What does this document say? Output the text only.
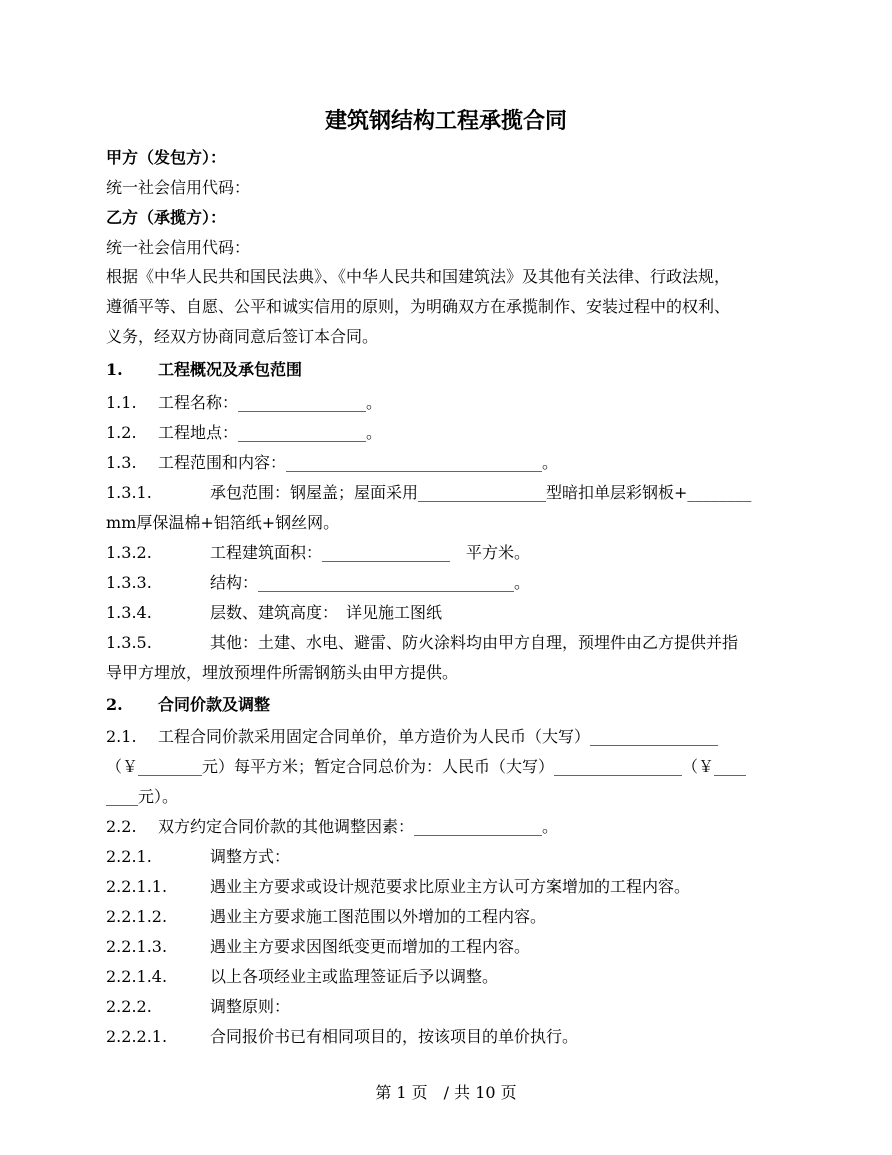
建筑钢结构工程承揽合同
甲方（发包方）：
统一社会信用代码：
乙方（承揽方）：
统一社会信用代码：
根据《中华人民共和国民法典》、《中华人民共和国建筑法》及其他有关法律、行政法规，
遵循平等、自愿、公平和诚实信用的原则，为明确双方在承揽制作、安装过程中的权利、
义务，经双方协商同意后签订本合同。
1. 工程概况及承包范围
1.1. 工程名称：________________。
1.2. 工程地点：________________。
1.3. 工程范围和内容：________________________________。
1.3.1.	承包范围：钢屋盖；屋面采用________________型暗扣单层彩钢板+________
mm厚保温棉+铝箔纸+钢丝网。
1.3.2.	工程建筑面积：________________　平方米。
1.3.3.	结构：________________________________。
1.3.4.	层数、建筑高度：　详见施工图纸
1.3.5.	其他：土建、水电、避雷、防火涂料均由甲方自理，预埋件由乙方提供并指
导甲方埋放，埋放预埋件所需钢筋头由甲方提供。
2. 合同价款及调整
2.1. 工程合同价款采用固定合同单价，单方造价为人民币（大写）________________
（￥________元）每平方米；暂定合同总价为：人民币（大写）________________（￥____
____元）。
2.2. 双方约定合同价款的其他调整因素：________________。
2.2.1.	调整方式：
2.2.1.1.	遇业主方要求或设计规范要求比原业主方认可方案增加的工程内容。
2.2.1.2.	遇业主方要求施工图范围以外增加的工程内容。
2.2.1.3.	遇业主方要求因图纸变更而增加的工程内容。
2.2.1.4.	以上各项经业主或监理签证后予以调整。
2.2.2.	调整原则：
2.2.2.1.	合同报价书已有相同项目的，按该项目的单价执行。
第 1 页　/ 共 10 页
